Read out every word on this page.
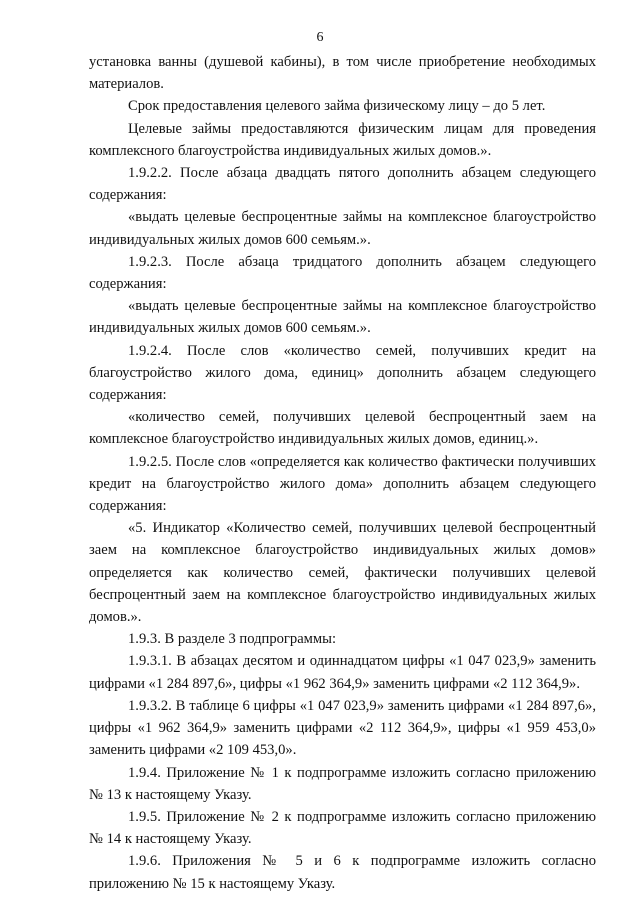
6

установка ванны (душевой кабины), в том числе приобретение необходимых материалов.

Срок предоставления целевого займа физическому лицу – до 5 лет.

Целевые займы предоставляются физическим лицам для проведения комплексного благоустройства индивидуальных жилых домов.».

1.9.2.2. После абзаца двадцать пятого дополнить абзацем следующего содержания:

«выдать целевые беспроцентные займы на комплексное благоустройство индивидуальных жилых домов 600 семьям.».

1.9.2.3. После абзаца тридцатого дополнить абзацем следующего содержания:

«выдать целевые беспроцентные займы на комплексное благоустройство индивидуальных жилых домов 600 семьям.».

1.9.2.4. После слов «количество семей, получивших кредит на благоустройство жилого дома, единиц» дополнить абзацем следующего содержания:

«количество семей, получивших целевой беспроцентный заем на комплексное благоустройство индивидуальных жилых домов, единиц.».

1.9.2.5. После слов «определяется как количество фактически получивших кредит на благоустройство жилого дома» дополнить абзацем следующего содержания:

«5. Индикатор «Количество семей, получивших целевой беспроцентный заем на комплексное благоустройство индивидуальных жилых домов» определяется как количество семей, фактически получивших целевой беспроцентный заем на комплексное благоустройство индивидуальных жилых домов.».

1.9.3. В разделе 3 подпрограммы:

1.9.3.1. В абзацах десятом и одиннадцатом цифры «1 047 023,9» заменить цифрами «1 284 897,6», цифры «1 962 364,9» заменить цифрами «2 112 364,9».

1.9.3.2. В таблице 6 цифры «1 047 023,9» заменить цифрами «1 284 897,6», цифры «1 962 364,9» заменить цифрами «2 112 364,9», цифры «1 959 453,0» заменить цифрами «2 109 453,0».

1.9.4. Приложение № 1 к подпрограмме изложить согласно приложению № 13 к настоящему Указу.

1.9.5. Приложение № 2 к подпрограмме изложить согласно приложению № 14 к настоящему Указу.

1.9.6. Приложения № 5 и 6 к подпрограмме изложить согласно приложению № 15 к настоящему Указу.
